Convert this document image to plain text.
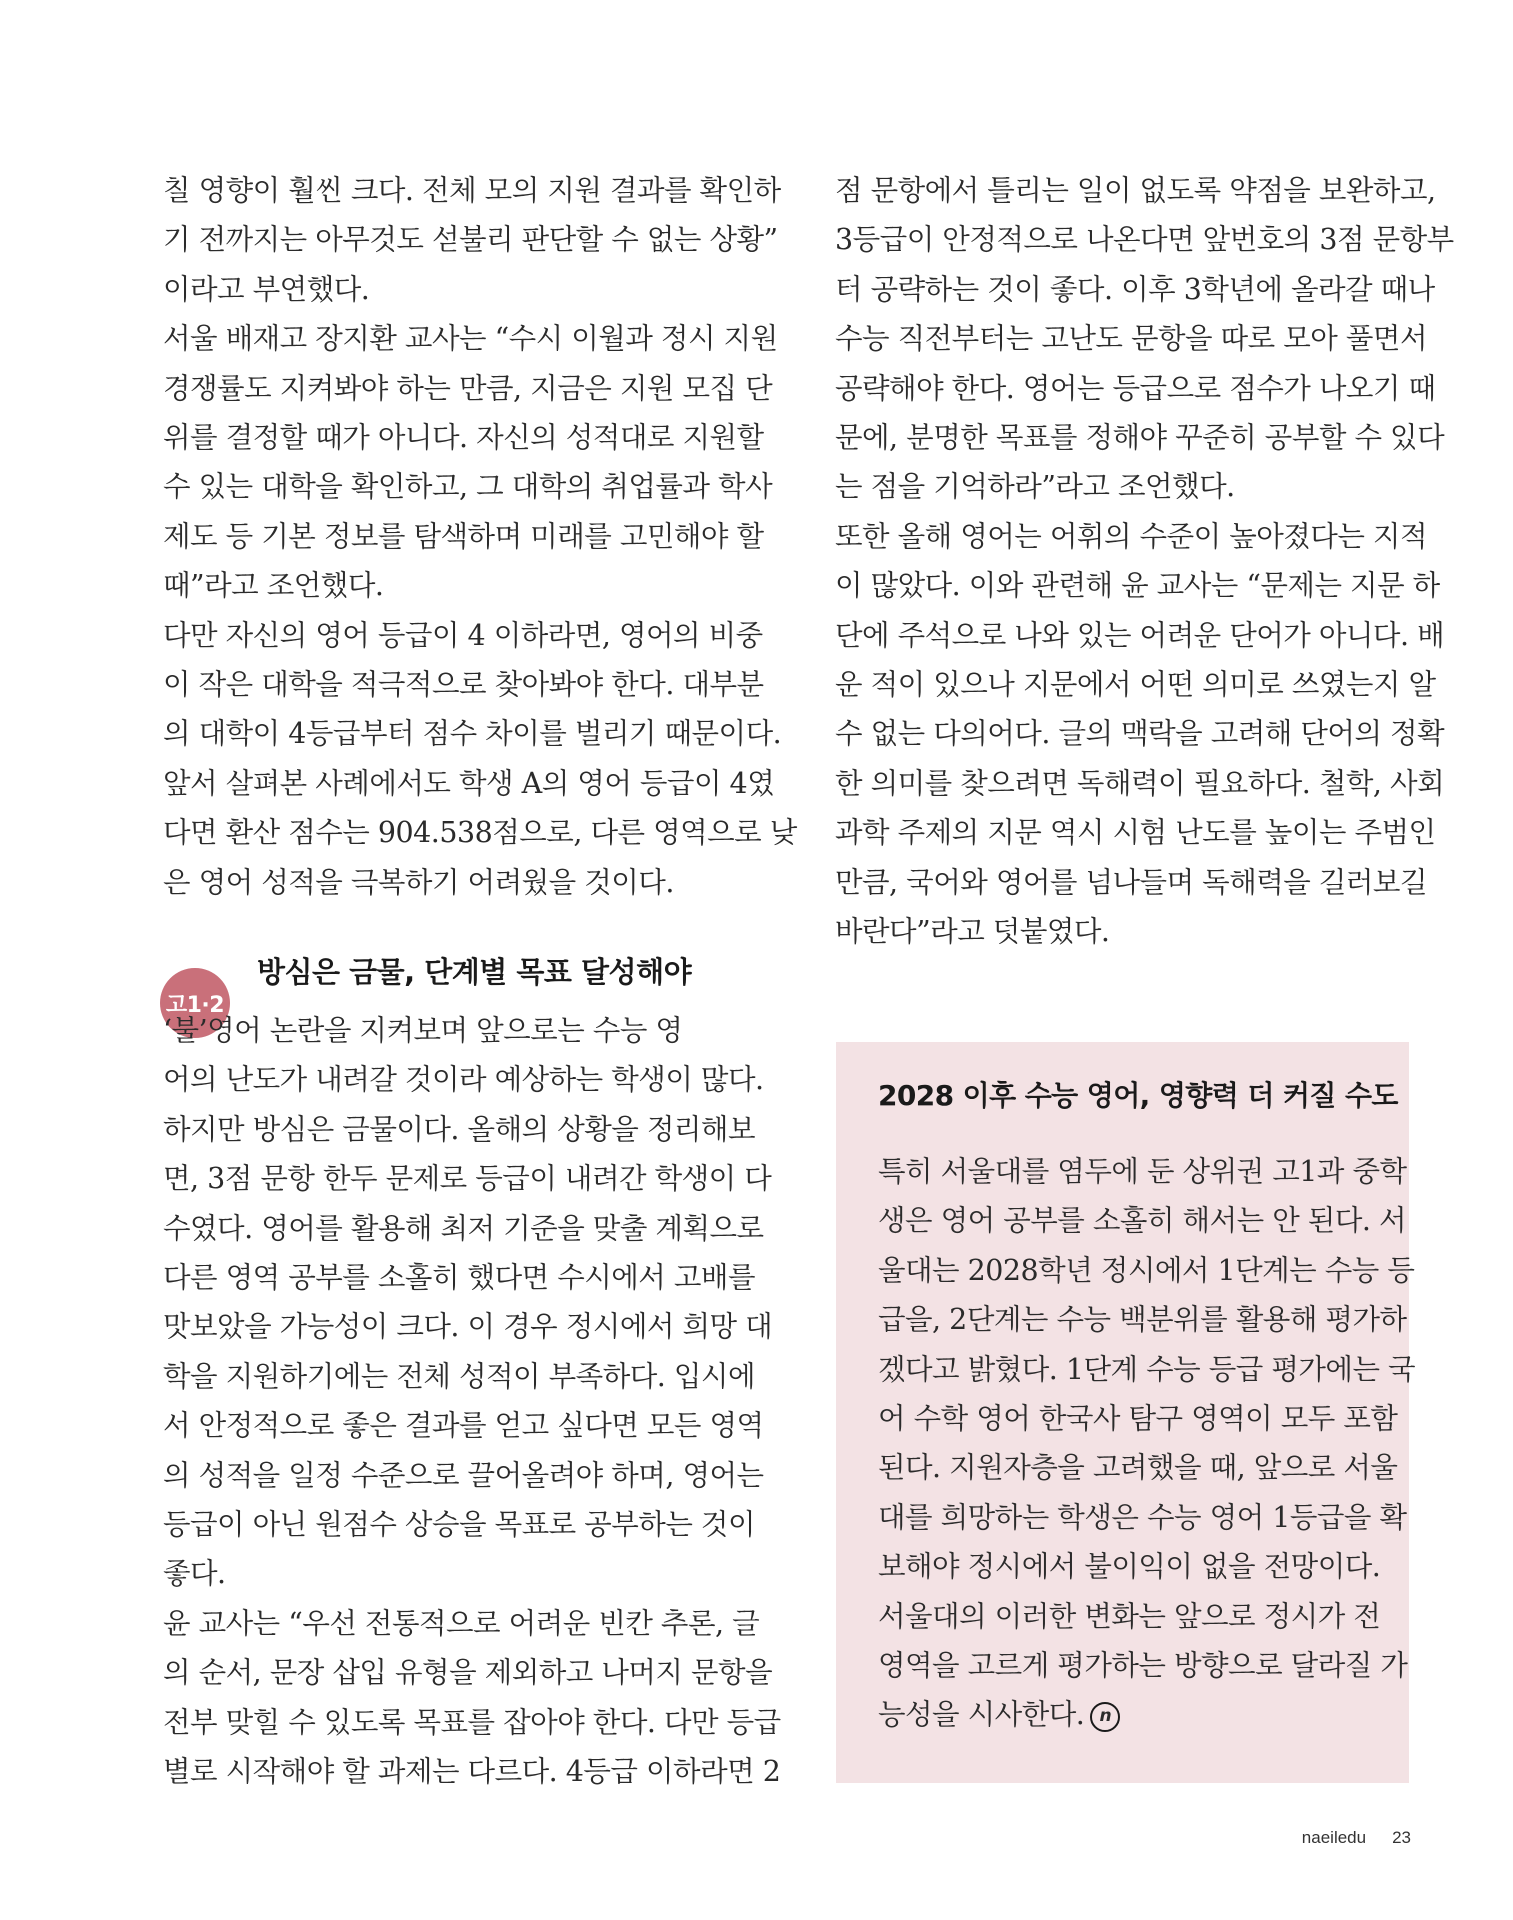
칠 영향이 훨씬 크다. 전체 모의 지원 결과를 확인하

기 전까지는 아무것도 섣불리 판단할 수 없는 상황”

이라고 부연했다.

서울 배재고 장지환 교사는 “수시 이월과 정시 지원

경쟁률도 지켜봐야 하는 만큼, 지금은 지원 모집 단

위를 결정할 때가 아니다. 자신의 성적대로 지원할

수 있는 대학을 확인하고, 그 대학의 취업률과 학사

제도 등 기본 정보를 탐색하며 미래를 고민해야 할

때”라고 조언했다.

다만 자신의 영어 등급이 4 이하라면, 영어의 비중

이 작은 대학을 적극적으로 찾아봐야 한다. 대부분

의 대학이 4등급부터 점수 차이를 벌리기 때문이다.

앞서 살펴본 사례에서도 학생 A의 영어 등급이 4였

다면 환산 점수는 904.538점으로, 다른 영역으로 낮

은 영어 성적을 극복하기 어려웠을 것이다.

고1·2
방심은 금물, 단계별 목표 달성해야

‘불’영어 논란을 지켜보며 앞으로는 수능 영

어의 난도가 내려갈 것이라 예상하는 학생이 많다.

하지만 방심은 금물이다. 올해의 상황을 정리해보

면, 3점 문항 한두 문제로 등급이 내려간 학생이 다

수였다. 영어를 활용해 최저 기준을 맞출 계획으로

다른 영역 공부를 소홀히 했다면 수시에서 고배를

맛보았을 가능성이 크다. 이 경우 정시에서 희망 대

학을 지원하기에는 전체 성적이 부족하다. 입시에

서 안정적으로 좋은 결과를 얻고 싶다면 모든 영역

의 성적을 일정 수준으로 끌어올려야 하며, 영어는

등급이 아닌 원점수 상승을 목표로 공부하는 것이

좋다.

윤 교사는 “우선 전통적으로 어려운 빈칸 추론, 글

의 순서, 문장 삽입 유형을 제외하고 나머지 문항을

전부 맞힐 수 있도록 목표를 잡아야 한다. 다만 등급

별로 시작해야 할 과제는 다르다. 4등급 이하라면 2

점 문항에서 틀리는 일이 없도록 약점을 보완하고,

3등급이 안정적으로 나온다면 앞번호의 3점 문항부

터 공략하는 것이 좋다. 이후 3학년에 올라갈 때나

수능 직전부터는 고난도 문항을 따로 모아 풀면서

공략해야 한다. 영어는 등급으로 점수가 나오기 때

문에, 분명한 목표를 정해야 꾸준히 공부할 수 있다

는 점을 기억하라”라고 조언했다.

또한 올해 영어는 어휘의 수준이 높아졌다는 지적

이 많았다. 이와 관련해 윤 교사는 “문제는 지문 하

단에 주석으로 나와 있는 어려운 단어가 아니다. 배

운 적이 있으나 지문에서 어떤 의미로 쓰였는지 알

수 없는 다의어다. 글의 맥락을 고려해 단어의 정확

한 의미를 찾으려면 독해력이 필요하다. 철학, 사회

과학 주제의 지문 역시 시험 난도를 높이는 주범인

만큼, 국어와 영어를 넘나들며 독해력을 길러보길

바란다”라고 덧붙였다.

2028 이후 수능 영어, 영향력 더 커질 수도

특히 서울대를 염두에 둔 상위권 고1과 중학

생은 영어 공부를 소홀히 해서는 안 된다. 서

울대는 2028학년 정시에서 1단계는 수능 등

급을, 2단계는 수능 백분위를 활용해 평가하

겠다고 밝혔다. 1단계 수능 등급 평가에는 국

어 수학 영어 한국사 탐구 영역이 모두 포함

된다. 지원자층을 고려했을 때, 앞으로 서울

대를 희망하는 학생은 수능 영어 1등급을 확

보해야 정시에서 불이익이 없을 전망이다.

서울대의 이러한 변화는 앞으로 정시가 전

영역을 고르게 평가하는 방향으로 달라질 가

능성을 시사한다. n

naeiledu 23
